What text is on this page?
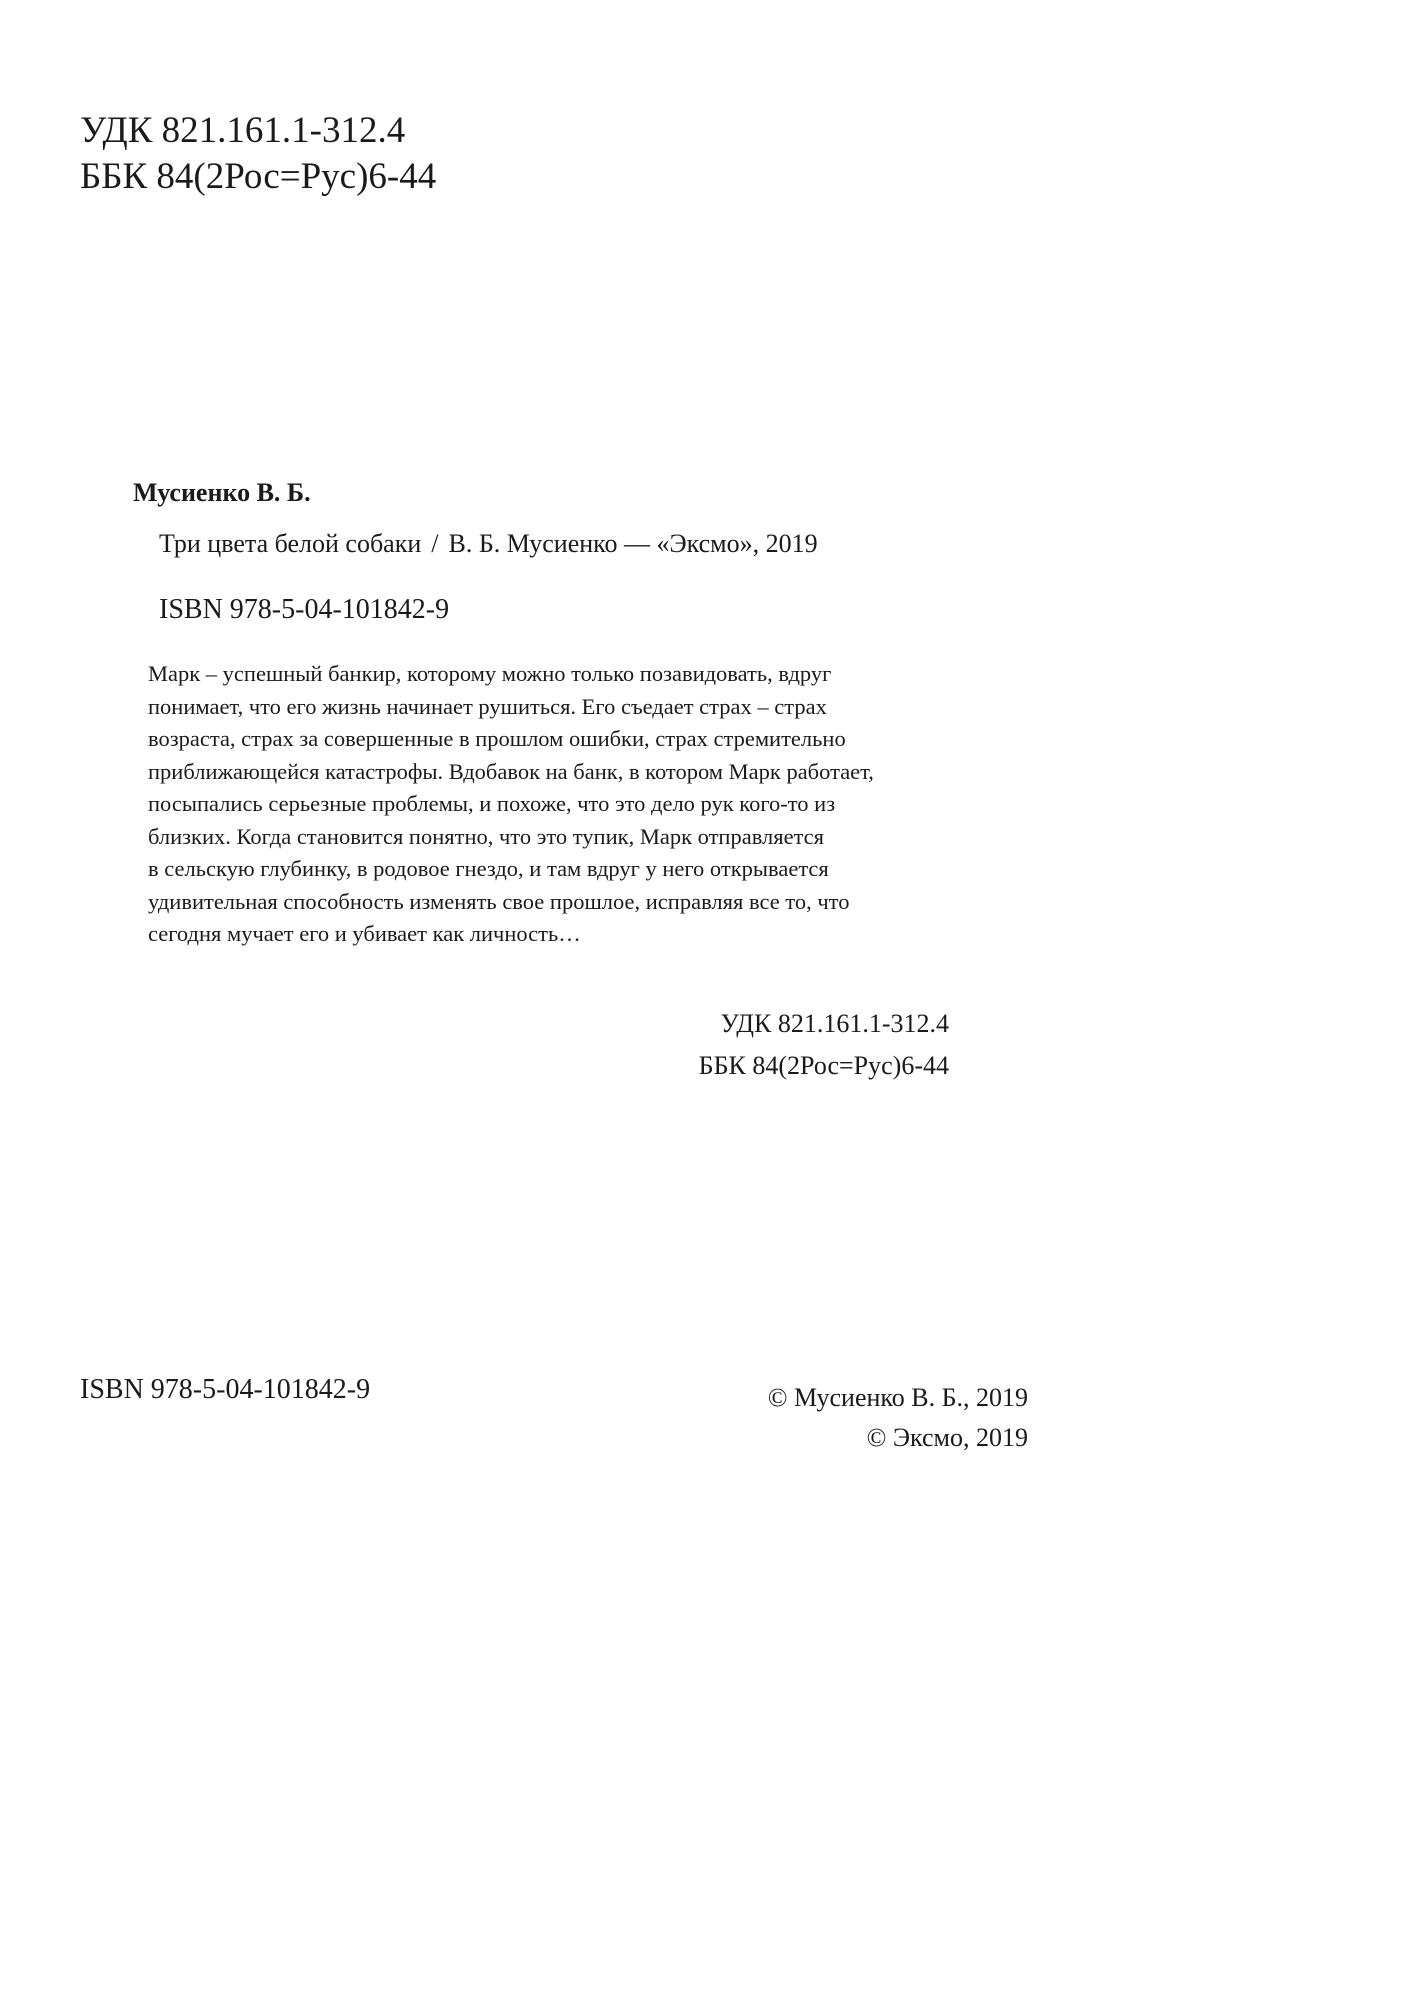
УДК 821.161.1-312.4
ББК 84(2Рос=Рус)6-44
Мусиенко В. Б.
Три цвета белой собаки / В. Б. Мусиенко — «Эксмо», 2019
ISBN 978-5-04-101842-9
Марк – успешный банкир, которому можно только позавидовать, вдруг
понимает, что его жизнь начинает рушиться. Его съедает страх – страх
возраста, страх за совершенные в прошлом ошибки, страх стремительно
приближающейся катастрофы. Вдобавок на банк, в котором Марк работает,
посыпались серьезные проблемы, и похоже, что это дело рук кого-то из
близких. Когда становится понятно, что это тупик, Марк отправляется
в сельскую глубинку, в родовое гнездо, и там вдруг у него открывается
удивительная способность изменять свое прошлое, исправляя все то, что
сегодня мучает его и убивает как личность…
УДК 821.161.1-312.4
ББК 84(2Рос=Рус)6-44
ISBN 978-5-04-101842-9	© Мусиенко В. Б., 2019
© Эксмо, 2019
